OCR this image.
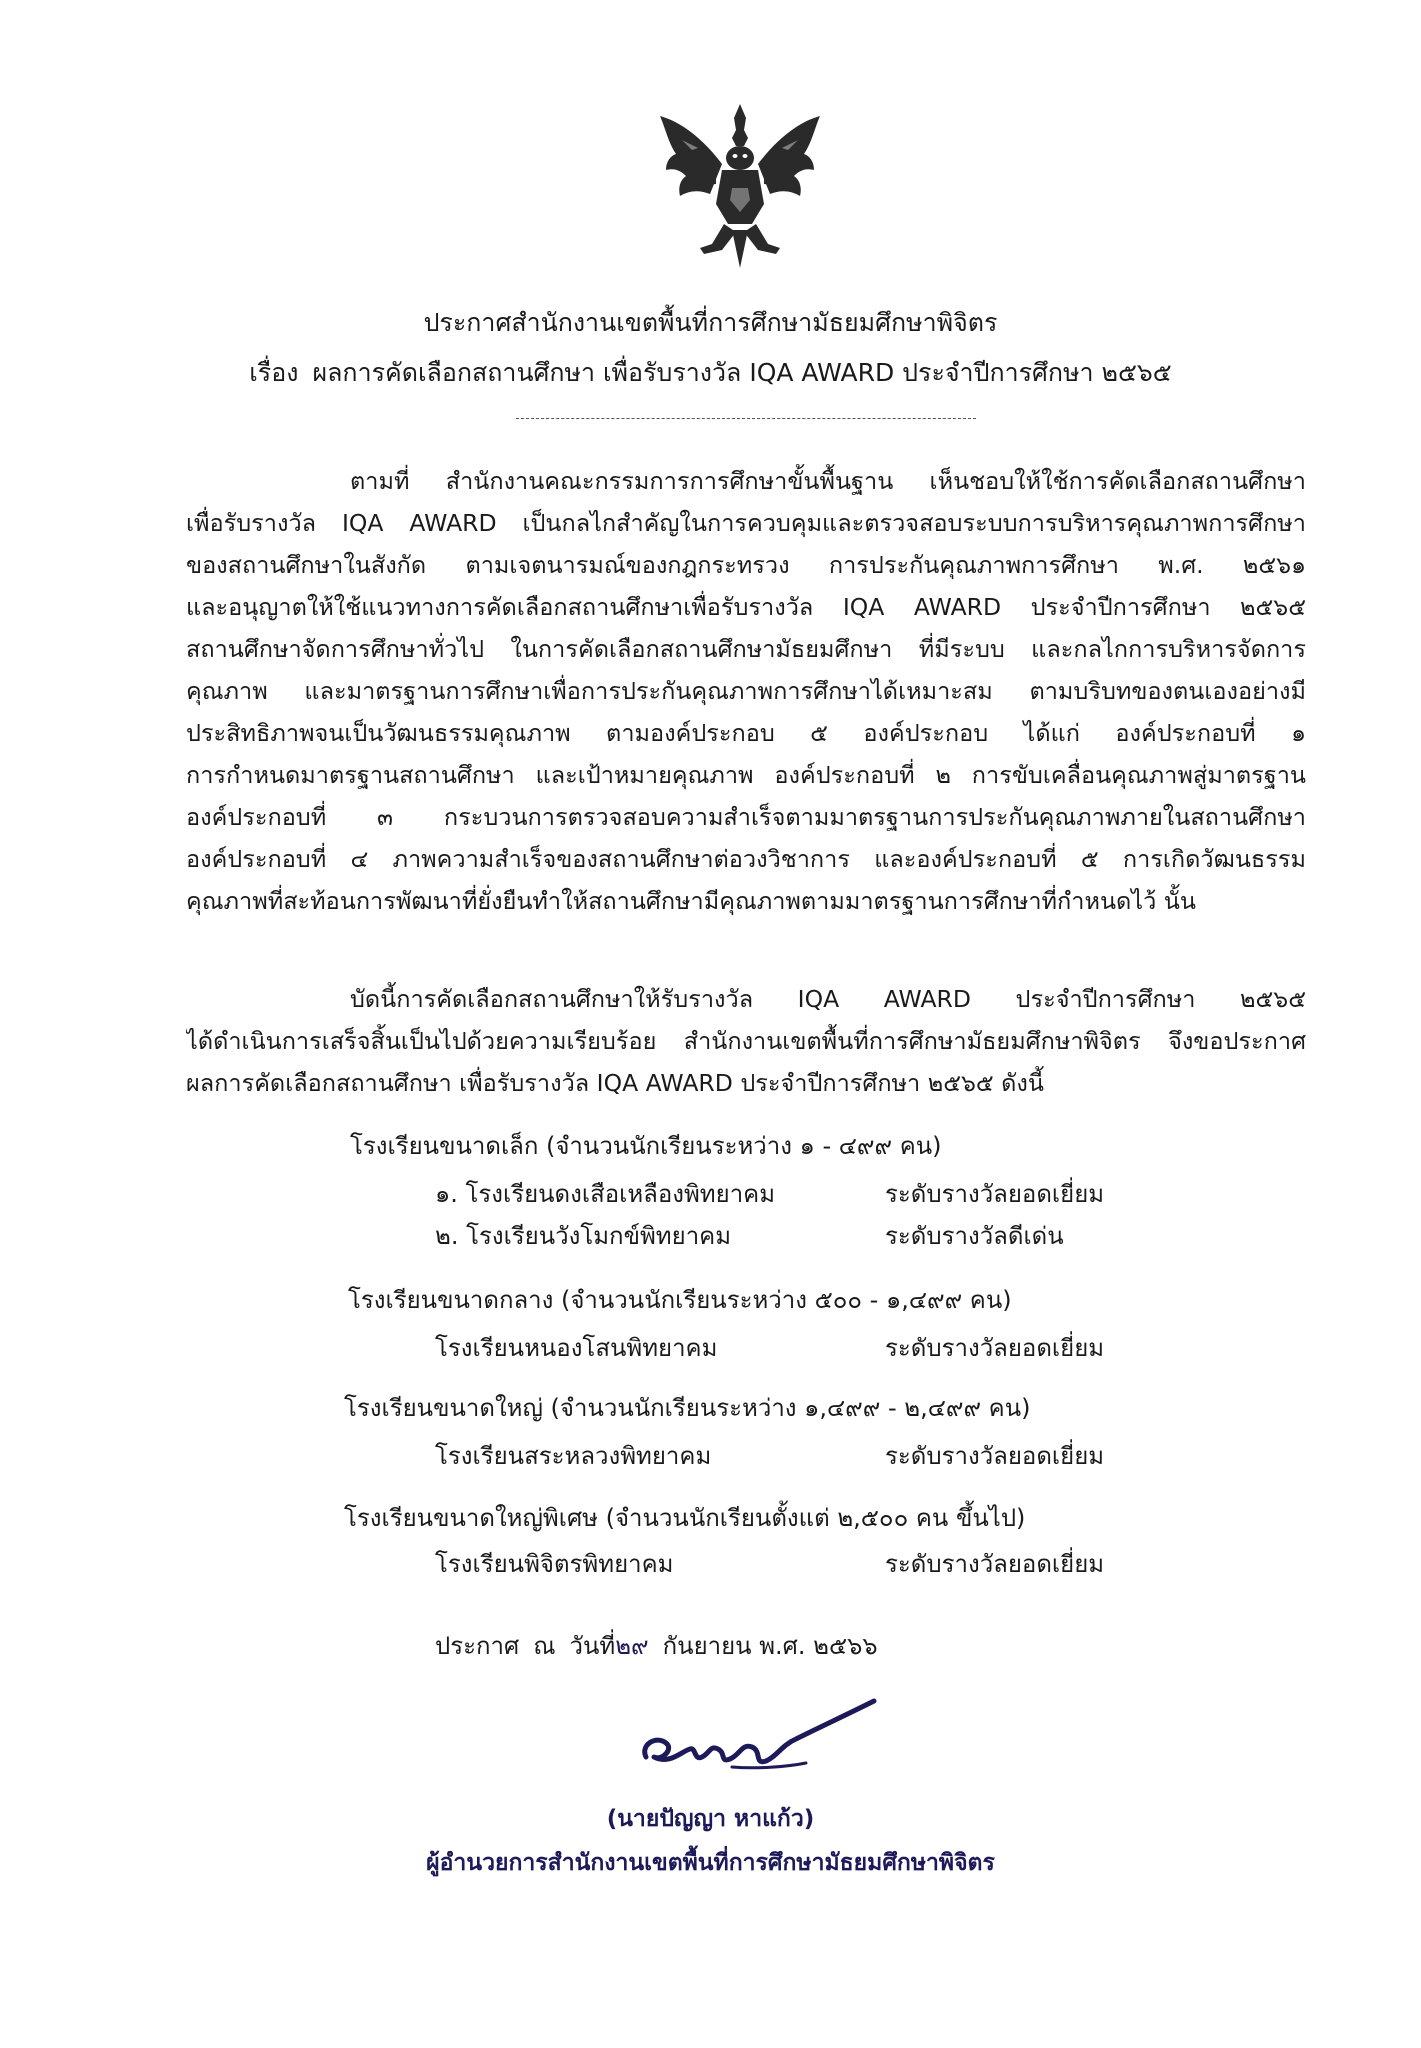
ประกาศสำนักงานเขตพื้นที่การศึกษามัธยมศึกษาพิจิตร
เรื่อง ผลการคัดเลือกสถานศึกษา เพื่อรับรางวัล IQA AWARD ประจำปีการศึกษา ๒๕๖๕
ตามที่ สำนักงานคณะกรรมการการศึกษาขั้นพื้นฐาน เห็นชอบให้ใช้การคัดเลือกสถานศึกษา
เพื่อรับรางวัล IQA AWARD เป็นกลไกสำคัญในการควบคุมและตรวจสอบระบบการบริหารคุณภาพการศึกษา
ของสถานศึกษาในสังกัด ตามเจตนารมณ์ของกฎกระทรวง การประกันคุณภาพการศึกษา พ.ศ. ๒๕๖๑
และอนุญาตให้ใช้แนวทางการคัดเลือกสถานศึกษาเพื่อรับรางวัล IQA AWARD ประจำปีการศึกษา ๒๕๖๕
สถานศึกษาจัดการศึกษาทั่วไป ในการคัดเลือกสถานศึกษามัธยมศึกษา ที่มีระบบ และกลไกการบริหารจัดการ
คุณภาพ และมาตรฐานการศึกษาเพื่อการประกันคุณภาพการศึกษาได้เหมาะสม ตามบริบทของตนเองอย่างมี
ประสิทธิภาพจนเป็นวัฒนธรรมคุณภาพ ตามองค์ประกอบ ๕ องค์ประกอบ ได้แก่ องค์ประกอบที่ ๑
การกำหนดมาตรฐานสถานศึกษา และเป้าหมายคุณภาพ องค์ประกอบที่ ๒ การขับเคลื่อนคุณภาพสู่มาตรฐาน
องค์ประกอบที่ ๓ กระบวนการตรวจสอบความสำเร็จตามมาตรฐานการประกันคุณภาพภายในสถานศึกษา
องค์ประกอบที่ ๔ ภาพความสำเร็จของสถานศึกษาต่อวงวิชาการ และองค์ประกอบที่ ๕ การเกิดวัฒนธรรม
คุณภาพที่สะท้อนการพัฒนาที่ยั่งยืนทำให้สถานศึกษามีคุณภาพตามมาตรฐานการศึกษาที่กำหนดไว้ นั้น
บัดนี้การคัดเลือกสถานศึกษาให้รับรางวัล IQA AWARD ประจำปีการศึกษา ๒๕๖๕
ได้ดำเนินการเสร็จสิ้นเป็นไปด้วยความเรียบร้อย สำนักงานเขตพื้นที่การศึกษามัธยมศึกษาพิจิตร จึงขอประกาศ
ผลการคัดเลือกสถานศึกษา เพื่อรับรางวัล IQA AWARD ประจำปีการศึกษา ๒๕๖๕ ดังนี้
โรงเรียนขนาดเล็ก (จำนวนนักเรียนระหว่าง ๑ - ๔๙๙ คน)
๑. โรงเรียนดงเสือเหลืองพิทยาคม	ระดับรางวัลยอดเยี่ยม
๒. โรงเรียนวังโมกข์พิทยาคม	ระดับรางวัลดีเด่น
โรงเรียนขนาดกลาง (จำนวนนักเรียนระหว่าง ๕๐๐ - ๑,๔๙๙ คน)
โรงเรียนหนองโสนพิทยาคม	ระดับรางวัลยอดเยี่ยม
โรงเรียนขนาดใหญ่ (จำนวนนักเรียนระหว่าง ๑,๔๙๙ - ๒,๔๙๙ คน)
โรงเรียนสระหลวงพิทยาคม	ระดับรางวัลยอดเยี่ยม
โรงเรียนขนาดใหญ่พิเศษ (จำนวนนักเรียนตั้งแต่ ๒,๕๐๐ คน ขึ้นไป)
โรงเรียนพิจิตรพิทยาคม	ระดับรางวัลยอดเยี่ยม
ประกาศ ณ วันที่๒๙ กันยายน พ.ศ. ๒๕๖๖
(นายปัญญา หาแก้ว)
ผู้อำนวยการสำนักงานเขตพื้นที่การศึกษามัธยมศึกษาพิจิตร
